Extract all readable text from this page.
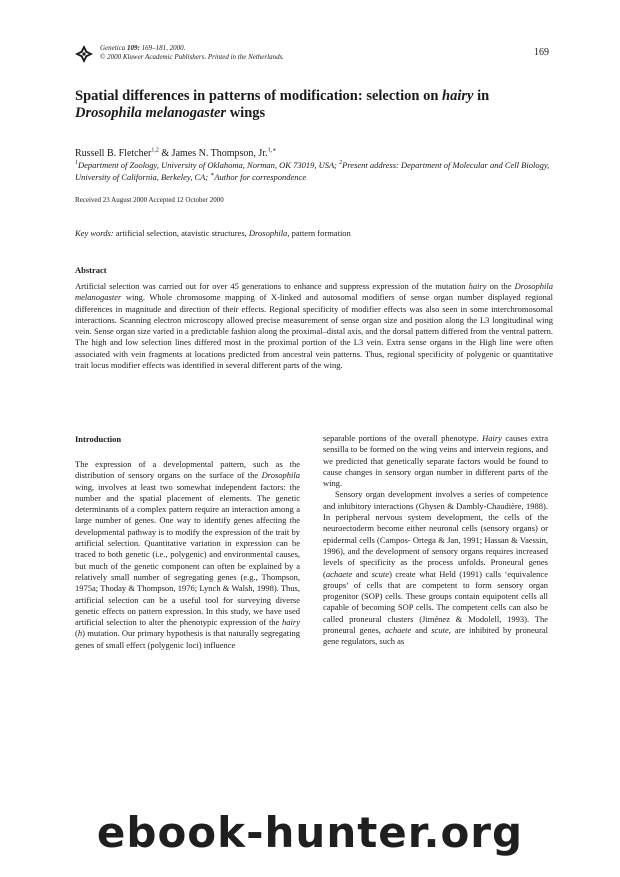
Genetica 109: 169–181, 2000.
© 2000 Kluwer Academic Publishers. Printed in the Netherlands.	169
Spatial differences in patterns of modification: selection on hairy in
Drosophila melanogaster wings
Russell B. Fletcher$^{1,2}$ & James N. Thompson, Jr.$^{1,∗}$
$^1$Department of Zoology, University of Oklahoma, Norman, OK 73019, USA; $^2$Present address: Department of Molecular and Cell Biology, University of California, Berkeley, CA; ∗Author for correspondence
Received 23 August 2000 Accepted 12 October 2000
Key words: artificial selection, atavistic structures, Drosophila, pattern formation
Abstract
Artificial selection was carried out for over 45 generations to enhance and suppress expression of the mutation hairy on the Drosophila melanogaster wing. Whole chromosome mapping of X-linked and autosomal modifiers of sense organ number displayed regional differences in magnitude and direction of their effects. Regional specificity of modifier effects was also seen in some interchromosomal interactions. Scanning electron microscopy allowed precise measurement of sense organ size and position along the L3 longitudinal wing vein. Sense organ size varied in a predictable fashion along the proximal–distal axis, and the dorsal pattern differed from the ventral pattern. The high and low selection lines differed most in the proximal portion of the L3 vein. Extra sense organs in the High line were often associated with vein fragments at locations predicted from ancestral vein patterns. Thus, regional specificity of polygenic or quantitative trait locus modifier effects was identified in several different parts of the wing.
Introduction

The expression of a developmental pattern, such as the distribution of sensory organs on the surface of the Drosophila wing, involves at least two somewhat independent factors: the number and the spatial placement of elements. The genetic determinants of a complex pattern require an interaction among a large number of genes. One way to identify genes affecting the developmental pathway is to modify the expression of the trait by artificial selection. Quantitative variation in expression can be traced to both genetic (i.e., polygenic) and environmental causes, but much of the genetic component can often be explained by a relatively small number of segregating genes (e.g., Thompson, 1975a; Thoday & Thompson, 1976; Lynch & Walsh, 1998). Thus, artificial selection can be a useful tool for surveying diverse genetic effects on pattern expression. In this study, we have used artificial selection to alter the phenotypic expression of the hairy (h) mutation. Our primary hypothesis is that naturally segregating genes of small effect (polygenic loci) influence

separable portions of the overall phenotype. Hairy causes extra sensilla to be formed on the wing veins and intervein regions, and we predicted that genetically separate factors would be found to cause changes in sensory organ number in different parts of the wing.

Sensory organ development involves a series of competence and inhibitory interactions (Ghysen & Dambly-Chaudière, 1988). In peripheral nervous system development, the cells of the neuroectoderm become either neuronal cells (sensory organs) or epidermal cells (Campos- Ortega & Jan, 1991; Hassan & Vaessin, 1996), and the development of sensory organs requires increased levels of specificity as the process unfolds. Proneural genes (achaete and scute) create what Held (1991) calls ‘equivalence groups’ of cells that are competent to form sensory organ progenitor (SOP) cells. These groups contain equipotent cells all capable of becoming SOP cells. The competent cells can also be called proneural clusters (Jiménez & Modolell, 1993). The proneural genes, achaete and scute, are inhibited by proneural gene regulators, such as

ebook-hunter.org
